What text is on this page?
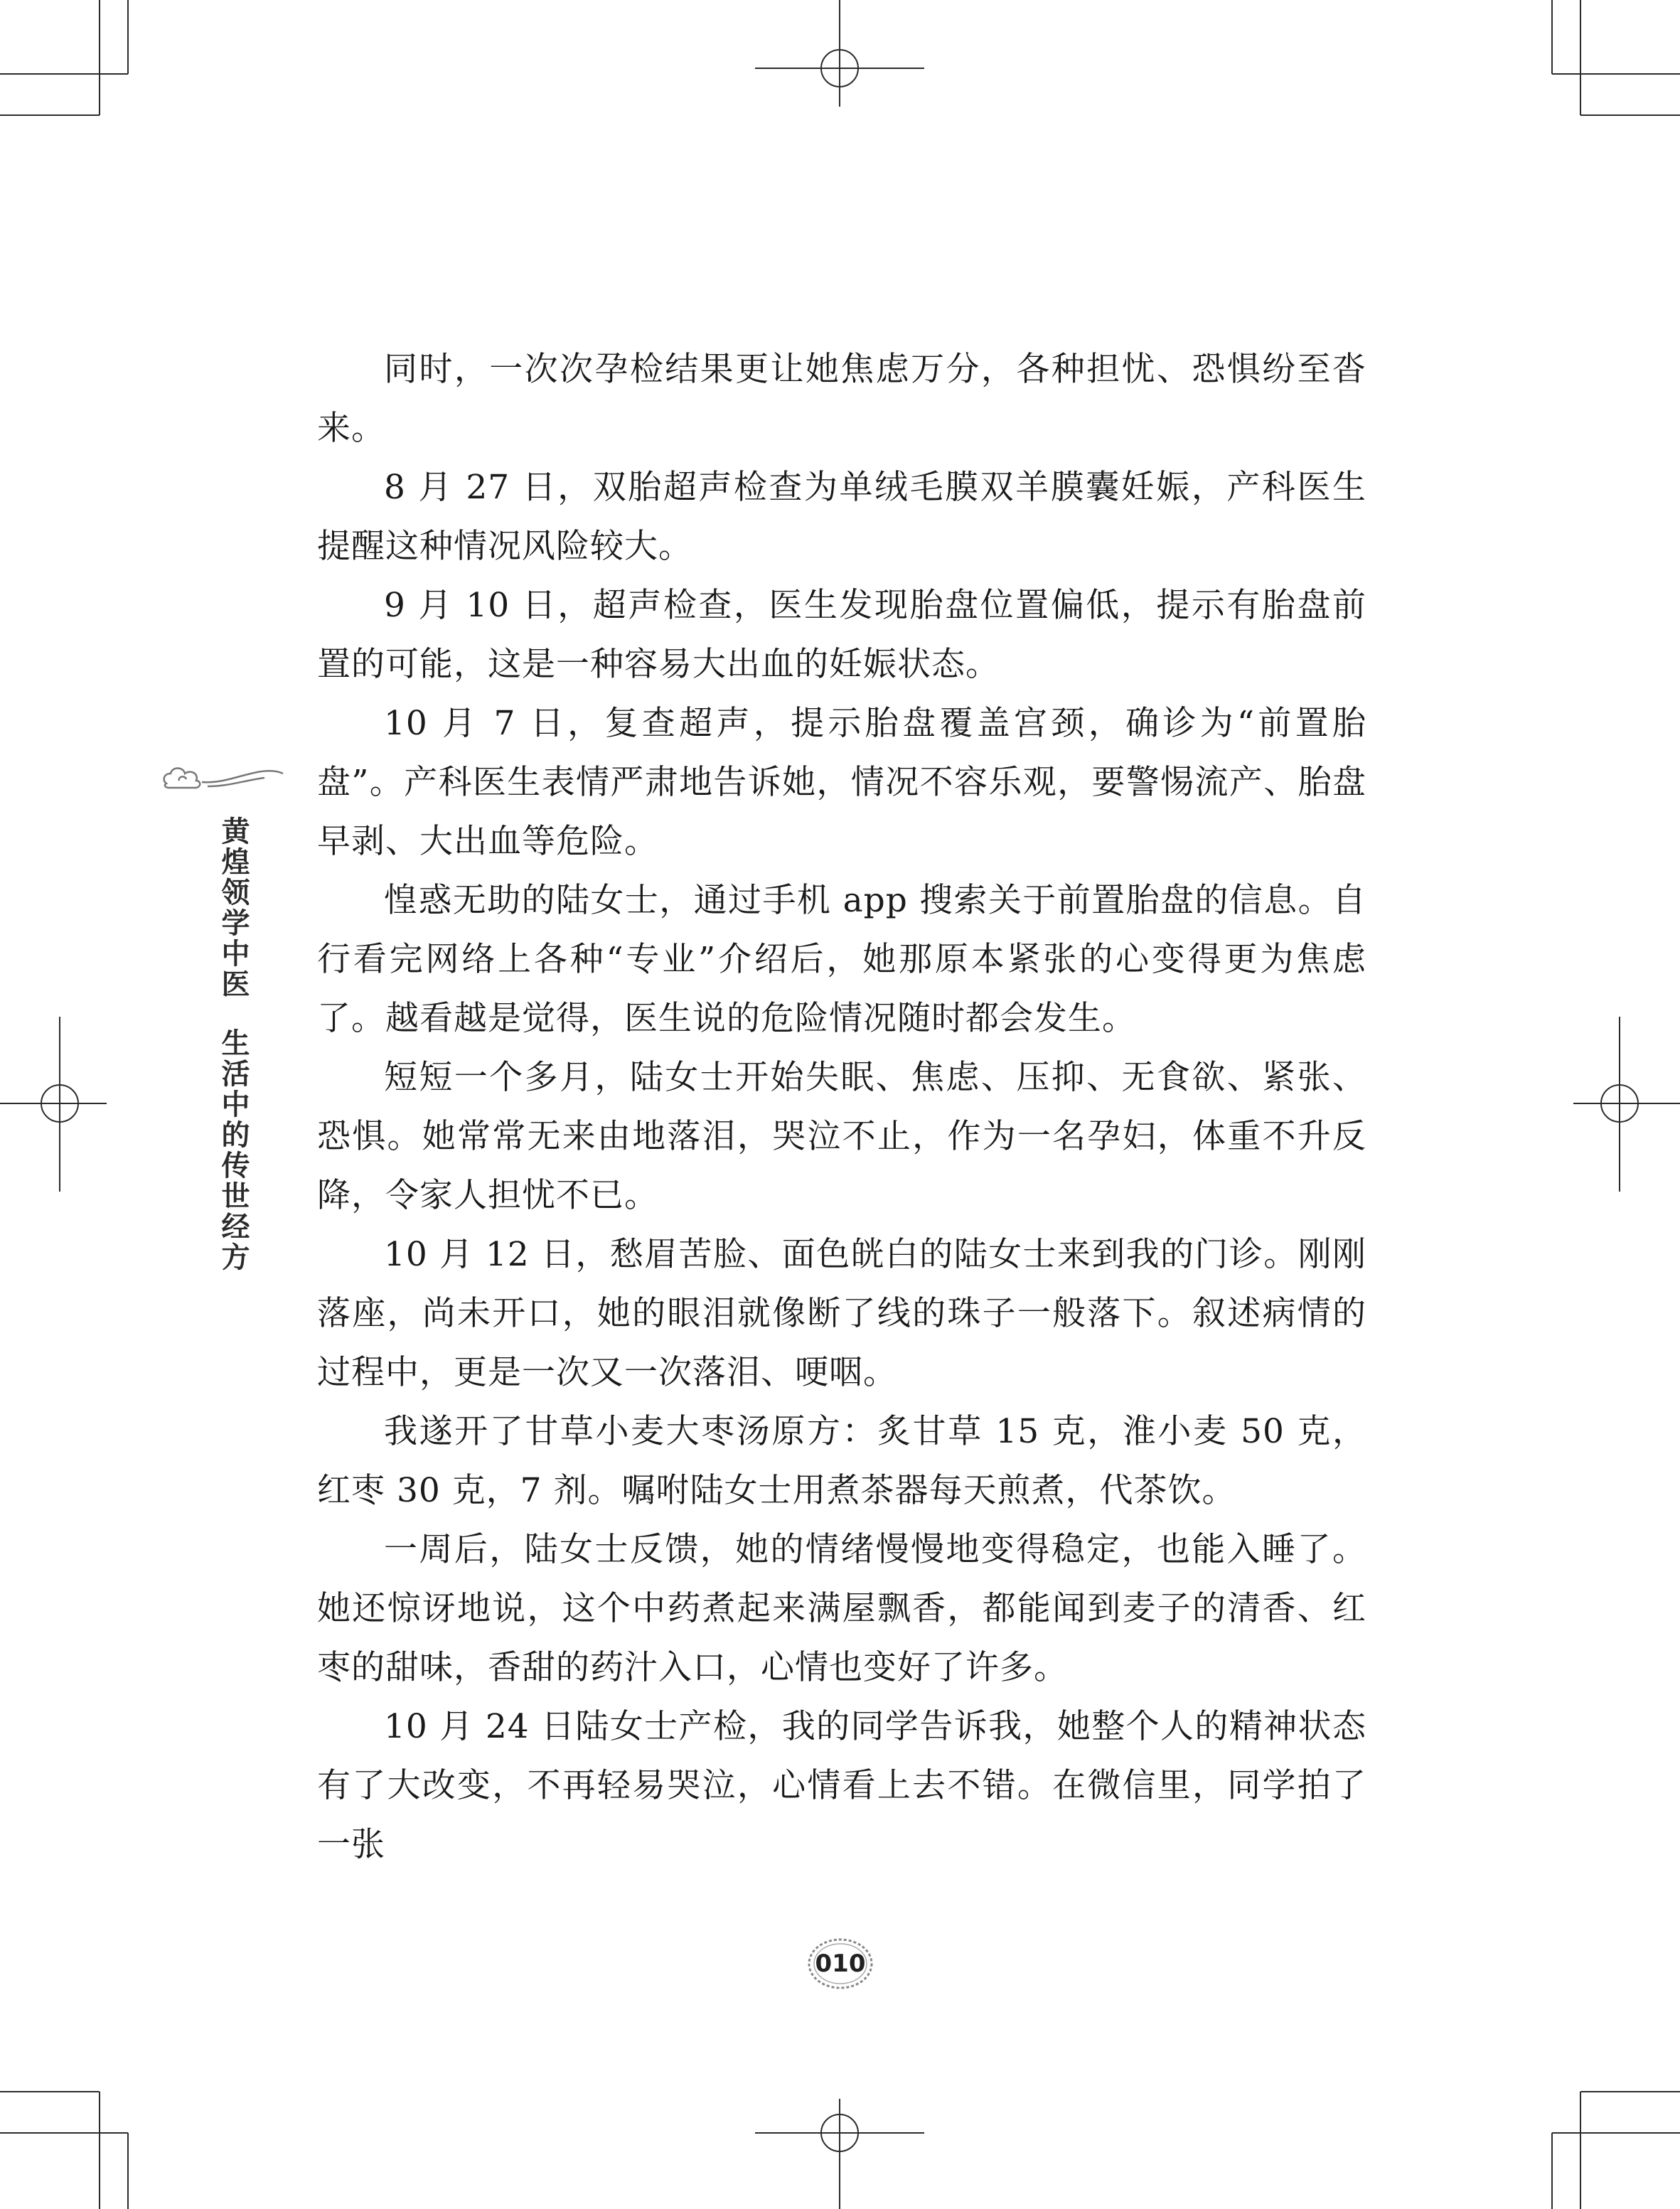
黄煌领学中医生活中的传世经方

同时，一次次孕检结果更让她焦虑万分，各种担忧、恐惧纷至沓来。

8 月 27 日，双胎超声检查为单绒毛膜双羊膜囊妊娠，产科医生提醒这种情况风险较大。

9 月 10 日，超声检查，医生发现胎盘位置偏低，提示有胎盘前置的可能，这是一种容易大出血的妊娠状态。

10 月 7 日，复查超声，提示胎盘覆盖宫颈，确诊为“前置胎盘”。产科医生表情严肃地告诉她，情况不容乐观，要警惕流产、胎盘早剥、大出血等危险。

惶惑无助的陆女士，通过手机 app 搜索关于前置胎盘的信息。自行看完网络上各种“专业”介绍后，她那原本紧张的心变得更为焦虑了。越看越是觉得，医生说的危险情况随时都会发生。

短短一个多月，陆女士开始失眠、焦虑、压抑、无食欲、紧张、恐惧。她常常无来由地落泪，哭泣不止，作为一名孕妇，体重不升反降，令家人担忧不已。

10 月 12 日，愁眉苦脸、面色㿠白的陆女士来到我的门诊。刚刚落座，尚未开口，她的眼泪就像断了线的珠子一般落下。叙述病情的过程中，更是一次又一次落泪、哽咽。

我遂开了甘草小麦大枣汤原方：炙甘草 15 克，淮小麦 50 克，红枣 30 克，7 剂。嘱咐陆女士用煮茶器每天煎煮，代茶饮。

一周后，陆女士反馈，她的情绪慢慢地变得稳定，也能入睡了。她还惊讶地说，这个中药煮起来满屋飘香，都能闻到麦子的清香、红枣的甜味，香甜的药汁入口，心情也变好了许多。

10 月 24 日陆女士产检，我的同学告诉我，她整个人的精神状态有了大改变，不再轻易哭泣，心情看上去不错。在微信里，同学拍了一张

010
